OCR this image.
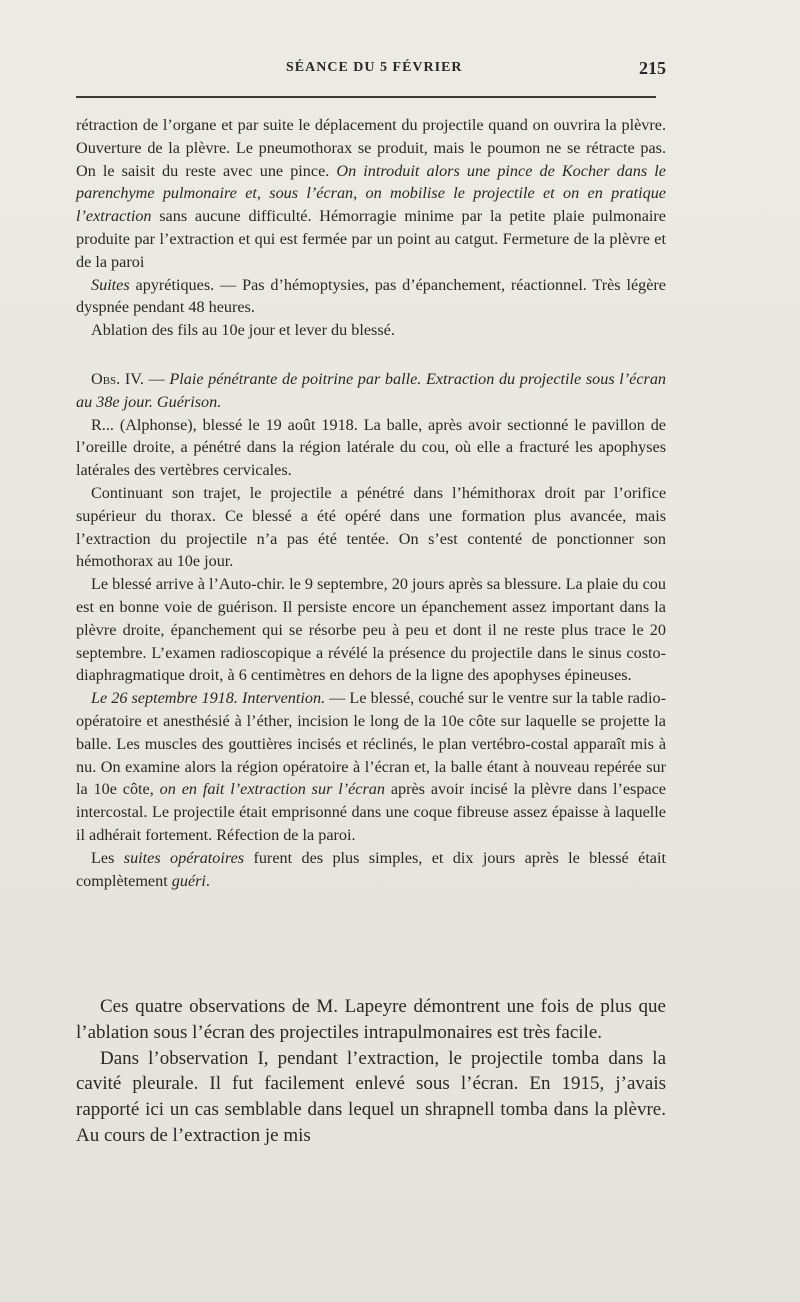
SÉANCE DU 5 FÉVRIER	215

rétraction de l’organe et par suite le déplacement du projectile quand on ouvrira la plèvre. Ouverture de la plèvre. Le pneumothorax se produit, mais le poumon ne se rétracte pas. On le saisit du reste avec une pince. On introduit alors une pince de Kocher dans le parenchyme pulmonaire et, sous l’écran, on mobilise le projectile et on en pratique l’extraction sans aucune difficulté. Hémorragie minime par la petite plaie pulmonaire produite par l’extraction et qui est fermée par un point au catgut. Fermeture de la plèvre et de la paroi

Suites apyrétiques. — Pas d’hémoptysies, pas d’épanchement, réactionnel. Très légère dyspnée pendant 48 heures.

Ablation des fils au 10e jour et lever du blessé.

Obs. IV. — Plaie pénétrante de poitrine par balle. Extraction du projectile sous l’écran au 38e jour. Guérison.

R... (Alphonse), blessé le 19 août 1918. La balle, après avoir sectionné le pavillon de l’oreille droite, a pénétré dans la région latérale du cou, où elle a fracturé les apophyses latérales des vertèbres cervicales.

Continuant son trajet, le projectile a pénétré dans l’hémithorax droit par l’orifice supérieur du thorax. Ce blessé a été opéré dans une formation plus avancée, mais l’extraction du projectile n’a pas été tentée. On s’est contenté de ponctionner son hémothorax au 10e jour.

Le blessé arrive à l’Auto-chir. le 9 septembre, 20 jours après sa blessure. La plaie du cou est en bonne voie de guérison. Il persiste encore un épanchement assez important dans la plèvre droite, épanchement qui se résorbe peu à peu et dont il ne reste plus trace le 20 septembre. L’examen radioscopique a révélé la présence du projectile dans le sinus costo-diaphragmatique droit, à 6 centimètres en dehors de la ligne des apophyses épineuses.

Le 26 septembre 1918. Intervention. — Le blessé, couché sur le ventre sur la table radio-opératoire et anesthésié à l’éther, incision le long de la 10e côte sur laquelle se projette la balle. Les muscles des gouttières incisés et réclinés, le plan vertébro-costal apparaît mis à nu. On examine alors la région opératoire à l’écran et, la balle étant à nouveau repérée sur la 10e côte, on en fait l’extraction sur l’écran après avoir incisé la plèvre dans l’espace intercostal. Le projectile était emprisonné dans une coque fibreuse assez épaisse à laquelle il adhérait fortement. Réfection de la paroi.

Les suites opératoires furent des plus simples, et dix jours après le blessé était complètement guéri.

Ces quatre observations de M. Lapeyre démontrent une fois de plus que l’ablation sous l’écran des projectiles intrapulmonaires est très facile.

Dans l’observation I, pendant l’extraction, le projectile tomba dans la cavité pleurale. Il fut facilement enlevé sous l’écran. En 1915, j’avais rapporté ici un cas semblable dans lequel un shrapnell tomba dans la plèvre. Au cours de l’extraction je mis
